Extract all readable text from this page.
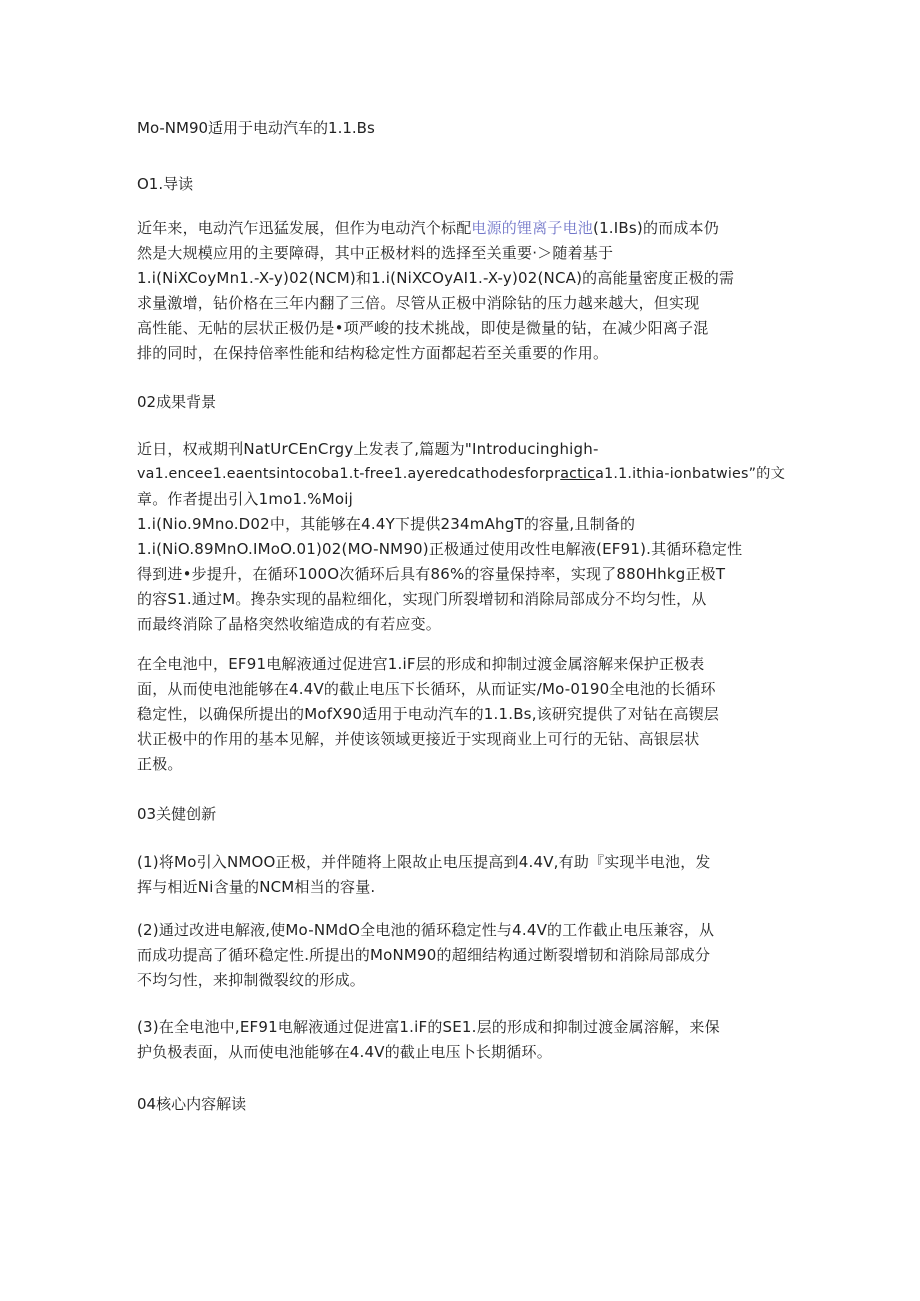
Mo-NM90适用于电动汽车的1.1.Bs
O1.导读
近年来，电动汽乍迅猛发展，但作为电动汽个标配电源的锂离子电池(1.IBs)的而成本仍
然是大规模应用的主要障碍，其中正极材料的选择至关重要·＞随着基于
1.i(NiXCoyMn1.-X-y)02(NCM)和1.i(NiXCOyAI1.-X-y)02(NCA)的高能量密度正极的需
求量激增，钻价格在三年内翻了三倍。尽管从正极中消除钻的压力越来越大，但实现
高性能、无帖的层状正极仍是•项严峻的技术挑战，即使是微量的钻，在减少阳离子混
排的同时，在保持倍率性能和结构稔定性方面都起若至关重要的作用。
02成果背景
近日，权戒期刊NatUrCEnCrgy上发表了,篇题为"Introducinghigh-
va1.encee1.eaentsintocoba1.t-free1.ayeredcathodesforpractica1.1.ithia-ionbatwies”的文
章。作者提出引入1mo1.%Moij
1.i(Nio.9Mno.D02中，其能够在4.4Y下提供234mAhgT的容量,且制备的
1.i(NiO.89MnO.IMoO.01)02(MO-NM90)正极通过使用改性电解液(EF91).其循环稳定性
得到进•步提升，在循环100O次循环后具有86%的容量保持率，实现了880Hhkg正极T
的容S1.通过M。搀杂实现的晶粒细化，实现门所裂增韧和消除局部成分不均匀性，从
而最终消除了晶格突然收缩造成的有若应变。
在全电池中，EF91电解液通过促进宫1.iF层的形成和抑制过渡金属溶解来保护正极表
面，从而使电池能够在4.4V的截止电压下长循环，从而证实/Mo-0190全电池的长循环
稳定性，以确保所提出的MofX90适用于电动汽车的1.1.Bs,该研究提供了对钻在高锲层
状正极中的作用的基本见解，并使该领域更接近于实现商业上可行的无钻、高银层状
正极。
03关健创新
(1)将Mo引入NMOO正极，并伴随将上限故止电压提高到4.4V,有助『实现半电池，发
挥与相近Ni含量的NCM相当的容量.
(2)通过改进电解液,使Mo-NMdO全电池的循环稳定性与4.4V的工作截止电压兼容，从
而成功提高了循环稳定性.所提出的MoNM90的超细结构通过断裂增韧和消除局部成分
不均匀性，来抑制微裂纹的形成。
(3)在全电池中,EF91电解液通过促进富1.iF的SE1.层的形成和抑制过渡金属溶解，来保
护负极表面，从而使电池能够在4.4V的截止电压卜长期循环。
04核心内容解读
